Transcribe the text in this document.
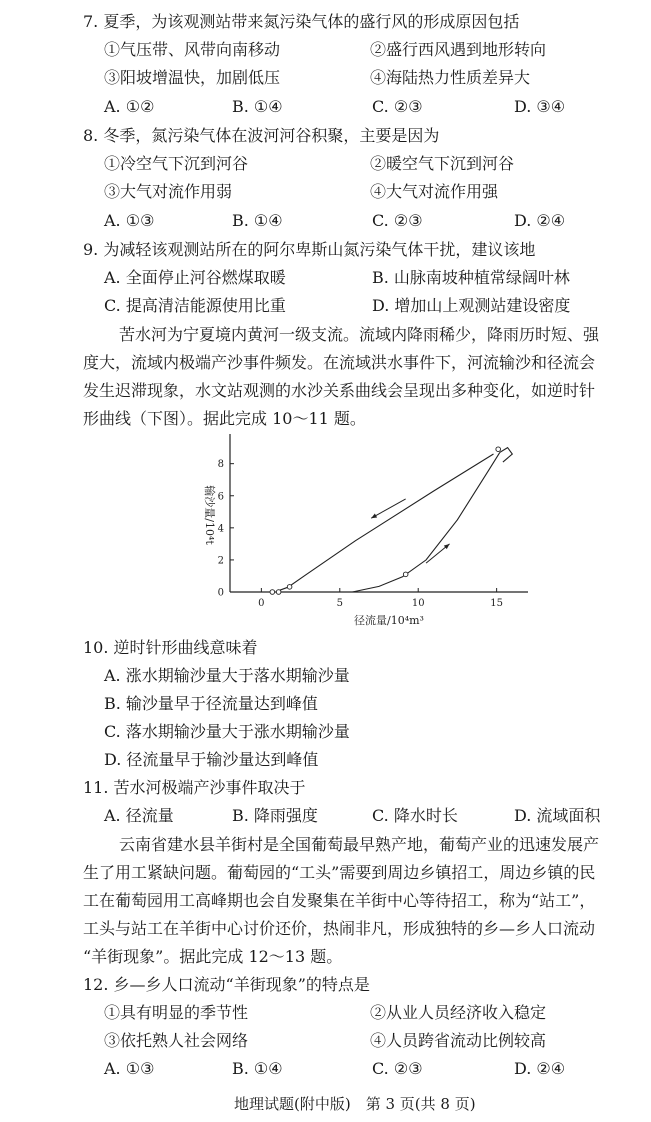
7. 夏季，为该观测站带来氮污染气体的盛行风的形成原因包括
①气压带、风带向南移动	②盛行西风遇到地形转向
③阳坡增温快，加剧低压	④海陆热力性质差异大
A. ①②	B. ①④	C. ②③	D. ③④
8. 冬季，氮污染气体在波河河谷积聚，主要是因为
①冷空气下沉到河谷	②暖空气下沉到河谷
③大气对流作用弱	④大气对流作用强
A. ①③	B. ①④	C. ②③	D. ②④
9. 为减轻该观测站所在的阿尔卑斯山氮污染气体干扰，建议该地
A. 全面停止河谷燃煤取暖	B. 山脉南坡种植常绿阔叶林
C. 提高清洁能源使用比重	D. 增加山上观测站建设密度
苦水河为宁夏境内黄河一级支流。流域内降雨稀少，降雨历时短、强
度大，流域内极端产沙事件频发。在流域洪水事件下，河流输沙和径流会
发生迟滞现象，水文站观测的水沙关系曲线会呈现出多种变化，如逆时针
形曲线（下图）。据此完成 10～11 题。
0	5	10	15
0
2
4
6
8
径流量/10⁴m³
输沙量/10⁴t
10. 逆时针形曲线意味着
A. 涨水期输沙量大于落水期输沙量
B. 输沙量早于径流量达到峰值
C. 落水期输沙量大于涨水期输沙量
D. 径流量早于输沙量达到峰值
11. 苦水河极端产沙事件取决于
A. 径流量	B. 降雨强度	C. 降水时长	D. 流域面积
云南省建水县羊街村是全国葡萄最早熟产地，葡萄产业的迅速发展产
生了用工紧缺问题。葡萄园的“工头”需要到周边乡镇招工，周边乡镇的民
工在葡萄园用工高峰期也会自发聚集在羊街中心等待招工，称为“站工”，
工头与站工在羊街中心讨价还价，热闹非凡，形成独特的乡—乡人口流动
“羊街现象”。据此完成 12～13 题。
12. 乡—乡人口流动“羊街现象”的特点是
①具有明显的季节性	②从业人员经济收入稳定
③依托熟人社会网络	④人员跨省流动比例较高
A. ①③	B. ①④	C. ②③	D. ②④
地理试题(附中版)　第 3 页(共 8 页)
